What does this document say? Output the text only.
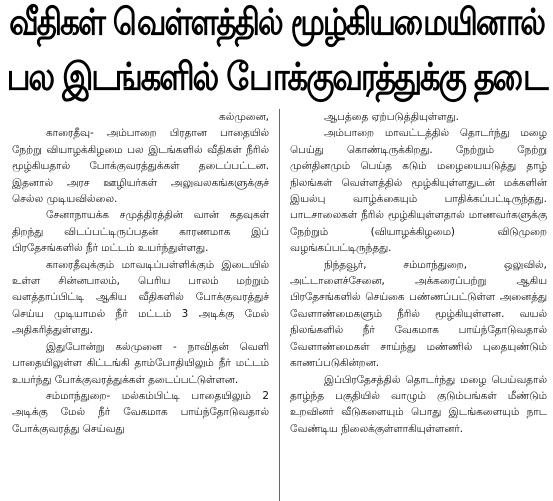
வீதிகள் வெள்ளத்தில் மூழ்கியமையினால்
பல இடங்களில் போக்குவரத்துக்கு தடை

கல்முனை,

காரைதீவு- அம்பாறை பிரதான பாதையில் நேற்று வியாழக்கிழமை பல இடங்களில் வீதிகள் நீரில் மூழ்கியதால் போக்குவரத்துக்கள் தடைப்பட்டன. இதனால் அரச ஊழியர்கள் அலுவலகங்களுக்குச் செல்ல முடியவில்லை.

சேனாநாயக்க சமுத்திரத்தின் வான் கதவுகள் திறந்து விடப்பட்டிருப்பதன் காரணமாக இப் பிரதேசங்களில் நீர் மட்டம் உயர்ந்துள்ளது.

காரைதீவுக்கும் மாவடிப்பள்ளிக்கும் இடையில் உள்ள சின்னபாலம், பெரிய பாலம் மற்றும் வளத்தாப்பிட்டி ஆகிய வீதிகளில் போக்குவரத்துச் செய்ய முடியாமல் நீர் மட்டம் 3 அடிக்கு மேல் அதிகரித்துள்ளது.

இதுபோன்று கல்முனை - நாவிதன் வெளி பாதையிலுள்ள கிட்டங்கி தாம்போதியிலும் நீர் மட்டம் உயர்ந்து போக்குவரத்துக்கள் தடைப்பட்டுள்ளன.

சம்மாந்துறை- மல்கம்பிட்டி பாதையிலும் 2 அடிக்கு மேல் நீர் வேகமாக பாய்ந்தோடுவதால் போக்குவரத்து செய்வது

ஆபத்தை ஏற்படுத்தியுள்ளது.

அம்பாறை மாவட்டத்தில் தொடர்ந்து மழை பெய்து கொண்டிருக்கிறது. நேற்றும் நேற்று முன்தினமும் பெய்த கடும் மழையையடுத்து தாழ் நிலங்கள் வெள்ளத்தில் மூழ்கியுள்ளதுடன் மக்களின் இயல்பு வாழ்க்கையும் பாதிக்கப்பட்டிருந்தது. பாடசாலைகள் நீரில் மூழ்கியுள்ளதால் மாணவர்களுக்கு நேற்றும் (வியாழக்கிழமை) விடுமுறை வழங்கப்பட்டிருந்தது.

நிந்தவூர், சம்மாந்துறை, ஒலுவில், அட்டாளைச்சேனை, அக்கரைப்பற்று ஆகிய பிரதேசங்களில் செய்கை பண்ணப்பட்டுள்ள அனைத்து வேளாண்மைகளும் நீரில் மூழ்கியுள்ளன. வயல் நிலங்களில் நீர் வேகமாக பாய்ந்தோடுவதால் வேளாண்மைகள் சாய்ந்து மண்ணில் புதையுண்டும் காணப்படுகின்றன.

இப்பிரதேசத்தில் தொடர்ந்து மழை பெய்வதால் தாழ்ந்த பகுதியில் வாழும் குடும்பங்கள் மீண்டும் உறவினர் வீடுகளையும் பொது இடங்களையும் நாட வேண்டிய நிலைக்குள்ளாகியுள்ளனர்.
